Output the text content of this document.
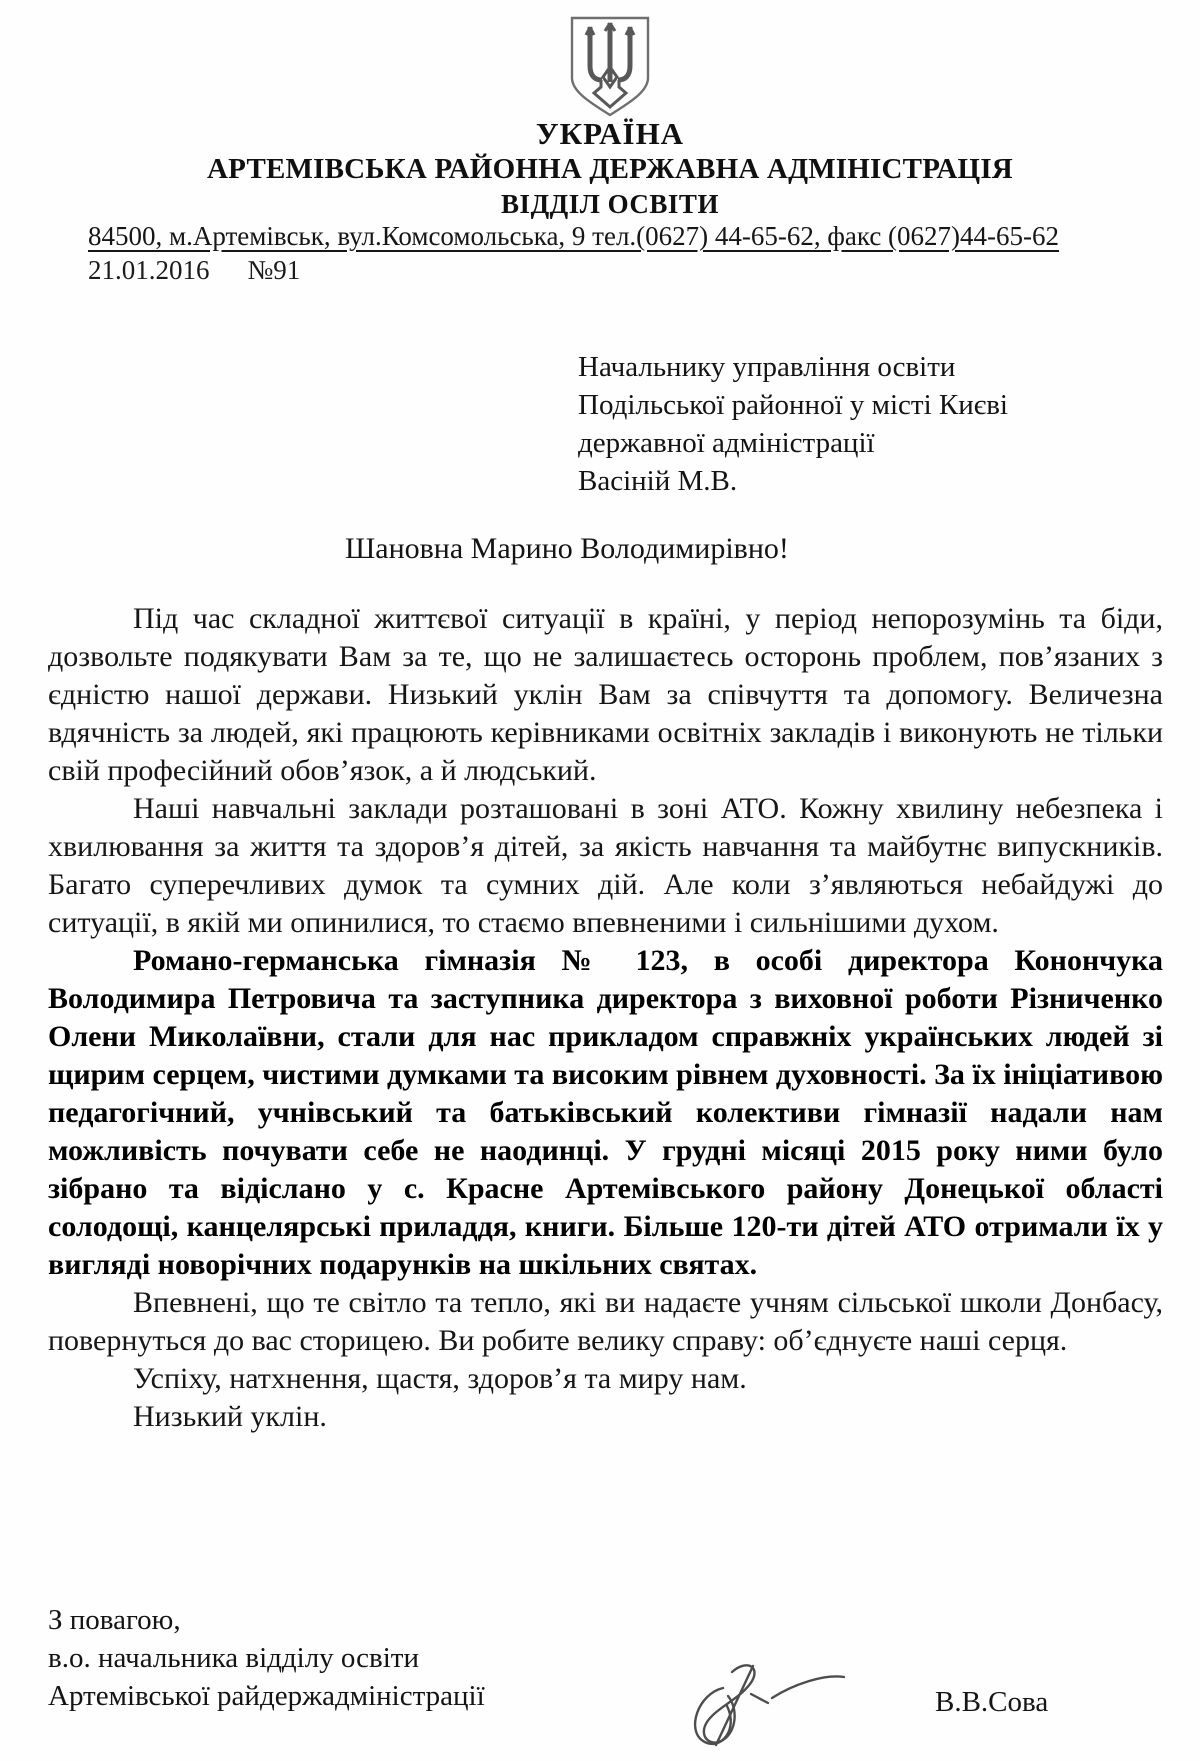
УКРАЇНА
АРТЕМІВСЬКА РАЙОННА ДЕРЖАВНА АДМІНІСТРАЦІЯ
ВІДДІЛ ОСВІТИ
84500, м.Артемівськ, вул.Комсомольська, 9 тел.(0627) 44-65-62, факс (0627)44-65-62
21.01.2016 №91
Начальнику управління освіти
Подільської районної у місті Києві
державної адміністрації
Васіній М.В.
Шановна Марино Володимирівно!

Під час складної життєвої ситуації в країні, у період непорозумінь та біди, дозвольте подякувати Вам за те, що не залишаєтесь осторонь проблем, пов’язаних з єдністю нашої держави. Низький уклін Вам за співчуття та допомогу. Величезна вдячність за людей, які працюють керівниками освітніх закладів і виконують не тільки свій професійний обов’язок, а й людський.

Наші навчальні заклади розташовані в зоні АТО. Кожну хвилину небезпека і хвилювання за життя та здоров’я дітей, за якість навчання та майбутнє випускників. Багато суперечливих думок та сумних дій. Але коли з’являються небайдужі до ситуації, в якій ми опинилися, то стаємо впевненими і сильнішими духом.

Романо-германська гімназія № 123, в особі директора Конончука Володимира Петровича та заступника директора з виховної роботи Різниченко Олени Миколаївни, стали для нас прикладом справжніх українських людей зі щирим серцем, чистими думками та високим рівнем духовності. За їх ініціативою педагогічний, учнівський та батьківський колективи гімназії надали нам можливість почувати себе не наодинці. У грудні місяці 2015 року ними було зібрано та відіслано у с. Красне Артемівського району Донецької області солодощі, канцелярські приладдя, книги. Більше 120-ти дітей АТО отримали їх у вигляді новорічних подарунків на шкільних святах.

Впевнені, що те світло та тепло, які ви надаєте учням сільської школи Донбасу, повернуться до вас сторицею. Ви робите велику справу: об’єднуєте наші серця.

Успіху, натхнення, щастя, здоров’я та миру нам.

Низький уклін.

З повагою,
в.о. начальника відділу освіти
Артемівської райдержадміністрації	В.В.Сова
